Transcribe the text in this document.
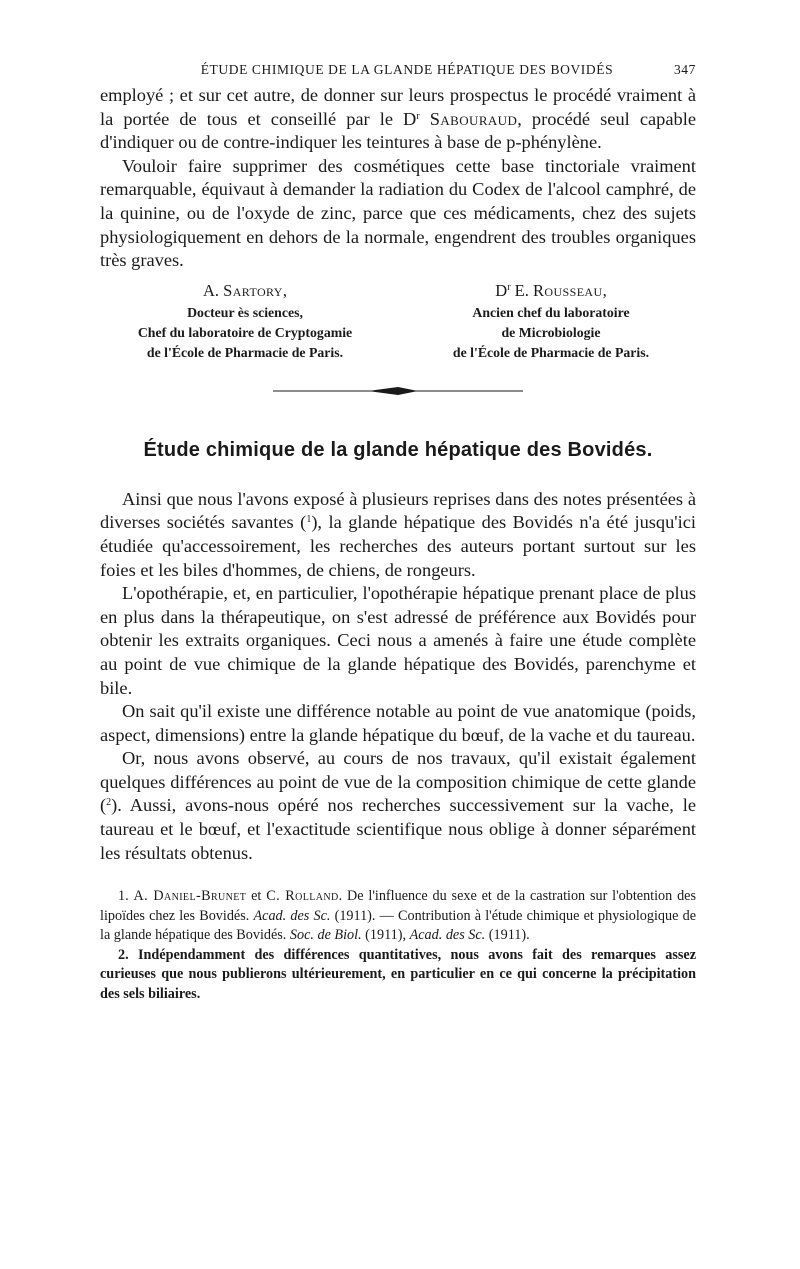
ÉTUDE CHIMIQUE DE LA GLANDE HÉPATIQUE DES BOVIDÉS	347

employé ; et sur cet autre, de donner sur leurs prospectus le procédé vraiment à la portée de tous et conseillé par le $D^r$ Sabouraud, procédé seul capable d'indiquer ou de contre-indiquer les teintures à base de p-phénylène.

Vouloir faire supprimer des cosmétiques cette base tinctoriale vraiment remarquable, équivaut à demander la radiation du Codex de l'alcool camphré, de la quinine, ou de l'oxyde de zinc, parce que ces médicaments, chez des sujets physiologiquement en dehors de la normale, engendrent des troubles organiques très graves.

A. Sartory,
Docteur ès sciences,
Chef du laboratoire de Cryptogamie
de l'École de Pharmacie de Paris.
$D^r$ E. Rousseau,
Ancien chef du laboratoire
de Microbiologie
de l'École de Pharmacie de Paris.
Étude chimique de la glande hépatique des Bovidés.

Ainsi que nous l'avons exposé à plusieurs reprises dans des notes présentées à diverses sociétés savantes ($^1$), la glande hépatique des Bovidés n'a été jusqu'ici étudiée qu'accessoirement, les recherches des auteurs portant surtout sur les foies et les biles d'hommes, de chiens, de rongeurs.

L'opothérapie, et, en particulier, l'opothérapie hépatique prenant place de plus en plus dans la thérapeutique, on s'est adressé de préférence aux Bovidés pour obtenir les extraits organiques. Ceci nous a amenés à faire une étude complète au point de vue chimique de la glande hépatique des Bovidés, parenchyme et bile.

On sait qu'il existe une différence notable au point de vue anatomique (poids, aspect, dimensions) entre la glande hépatique du bœuf, de la vache et du taureau.

Or, nous avons observé, au cours de nos travaux, qu'il existait également quelques différences au point de vue de la composition chimique de cette glande ($^2$). Aussi, avons-nous opéré nos recherches successivement sur la vache, le taureau et le bœuf, et l'exactitude scientifique nous oblige à donner séparément les résultats obtenus.

1. A. Daniel-Brunet et C. Rolland. De l'influence du sexe et de la castration sur l'obtention des lipoïdes chez les Bovidés. Acad. des Sc. (1911). — Contribution à l'étude chimique et physiologique de la glande hépatique des Bovidés. Soc. de Biol. (1911), Acad. des Sc. (1911).

2. Indépendamment des différences quantitatives, nous avons fait des remarques assez curieuses que nous publierons ultérieurement, en particulier en ce qui concerne la précipitation des sels biliaires.
